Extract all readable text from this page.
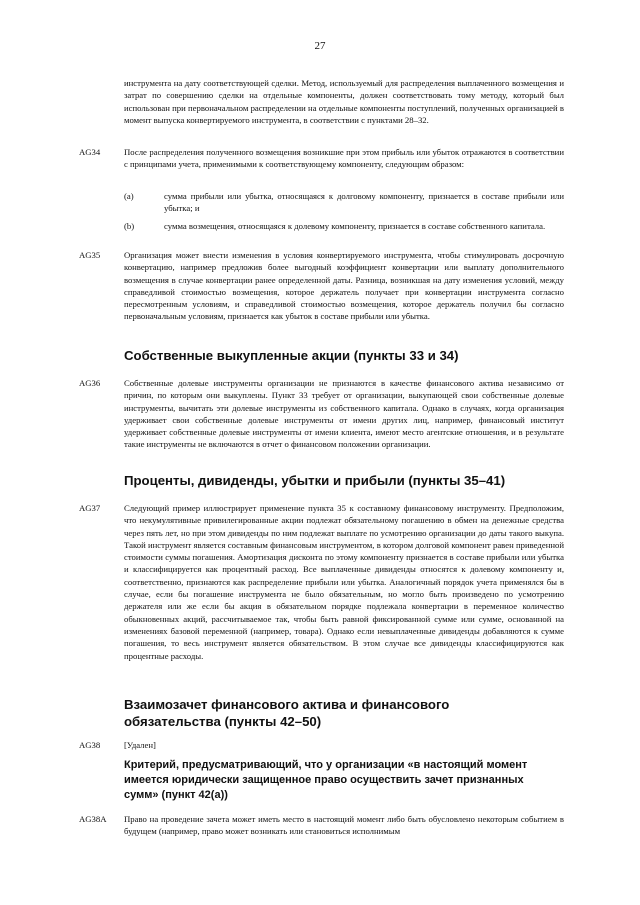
27

инструмента на дату соответствующей сделки. Метод, используемый для распределения выплаченного возмещения и затрат по совершению сделки на отдельные компоненты, должен соответствовать тому методу, который был использован при первоначальном распределении на отдельные компоненты поступлений, полученных организацией в момент выпуска конвертируемого инструмента, в соответствии с пунктами 28–32.

AG34	После распределения полученного возмещения возникшие при этом прибыль или убыток отражаются в соответствии с принципами учета, применимыми к соответствующему компоненту, следующим образом:

(a)	сумма прибыли или убытка, относящаяся к долговому компоненту, признается в составе прибыли или убытка; и

(b)	сумма возмещения, относящаяся к долевому компоненту, признается в составе собственного капитала.

AG35	Организация может внести изменения в условия конвертируемого инструмента, чтобы стимулировать досрочную конвертацию, например предложив более выгодный коэффициент конвертации или выплату дополнительного возмещения в случае конвертации ранее определенной даты. Разница, возникшая на дату изменения условий, между справедливой стоимостью возмещения, которое держатель получает при конвертации инструмента согласно пересмотренным условиям, и справедливой стоимостью возмещения, которое держатель получил бы согласно первоначальным условиям, признается как убыток в составе прибыли или убытка.

Собственные выкупленные акции (пункты 33 и 34)
AG36	Собственные долевые инструменты организации не признаются в качестве финансового актива независимо от причин, по которым они выкуплены. Пункт 33 требует от организации, выкупающей свои собственные долевые инструменты, вычитать эти долевые инструменты из собственного капитала. Однако в случаях, когда организация удерживает свои собственные долевые инструменты от имени других лиц, например, финансовый институт удерживает собственные долевые инструменты от имени клиента, имеют место агентские отношения, и в результате такие инструменты не включаются в отчет о финансовом положении организации.

Проценты, дивиденды, убытки и прибыли (пункты 35–41)
AG37	Следующий пример иллюстрирует применение пункта 35 к составному финансовому инструменту. Предположим, что некумулятивные привилегированные акции подлежат обязательному погашению в обмен на денежные средства через пять лет, но при этом дивиденды по ним подлежат выплате по усмотрению организации до даты такого выкупа. Такой инструмент является составным финансовым инструментом, в котором долговой компонент равен приведенной стоимости суммы погашения. Амортизация дисконта по этому компоненту признается в составе прибыли или убытка и классифицируется как процентный расход. Все выплаченные дивиденды относятся к долевому компоненту и, соответственно, признаются как распределение прибыли или убытка. Аналогичный порядок учета применялся бы в случае, если бы погашение инструмента не было обязательным, но могло быть произведено по усмотрению держателя или же если бы акция в обязательном порядке подлежала конвертации в переменное количество обыкновенных акций, рассчитываемое так, чтобы быть равной фиксированной сумме или сумме, основанной на изменениях базовой переменной (например, товара). Однако если невыплаченные дивиденды добавляются к сумме погашения, то весь инструмент является обязательством. В этом случае все дивиденды классифицируются как процентные расходы.

Взаимозачет финансового актива и финансового
обязательства (пункты 42–50)
AG38	[Удален]

Критерий, предусматривающий, что у организации «в настоящий момент
имеется юридически защищенное право осуществить зачет признанных
сумм» (пункт 42(a))
AG38A Право на проведение зачета может иметь место в настоящий момент либо быть обусловлено некоторым событием в будущем (например, право может возникать или становиться исполнимым
